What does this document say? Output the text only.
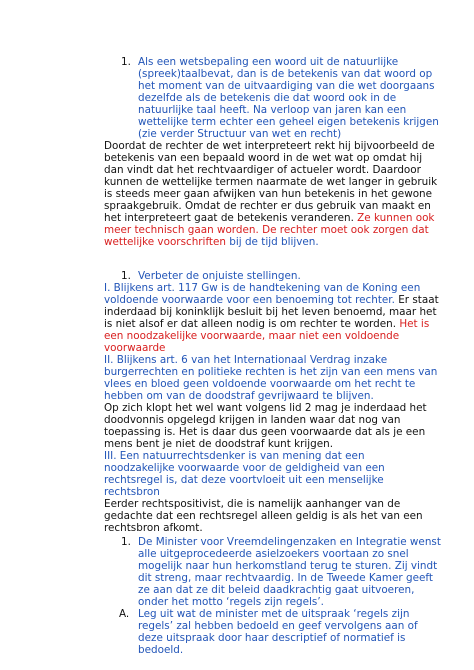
1. Als een wetsbepaling een woord uit de natuurlijke
(spreek)taalbevat, dan is de betekenis van dat woord op
het moment van de uitvaardiging van die wet doorgaans
dezelfde als de betekenis die dat woord ook in de
natuurlijke taal heeft. Na verloop van jaren kan een
wettelijke term echter een geheel eigen betekenis krijgen
(zie verder Structuur van wet en recht)
Doordat de rechter de wet interpreteert rekt hij bijvoorbeeld de
betekenis van een bepaald woord in de wet wat op omdat hij
dan vindt dat het rechtvaardiger of actueler wordt. Daardoor
kunnen de wettelijke termen naarmate de wet langer in gebruik
is steeds meer gaan afwijken van hun betekenis in het gewone
spraakgebruik. Omdat de rechter er dus gebruik van maakt en
het interpreteert gaat de betekenis veranderen. Ze kunnen ook
meer technisch gaan worden. De rechter moet ook zorgen dat
wettelijke voorschriften bij de tijd blijven.
1. Verbeter de onjuiste stellingen.
I. Blijkens art. 117 Gw is de handtekening van de Koning een
voldoende voorwaarde voor een benoeming tot rechter. Er staat
inderdaad bij koninklijk besluit bij het leven benoemd, maar het
is niet alsof er dat alleen nodig is om rechter te worden. Het is
een noodzakelijke voorwaarde, maar niet een voldoende
voorwaarde
II. Blijkens art. 6 van het Internationaal Verdrag inzake
burgerrechten en politieke rechten is het zijn van een mens van
vlees en bloed geen voldoende voorwaarde om het recht te
hebben om van de doodstraf gevrijwaard te blijven.
Op zich klopt het wel want volgens lid 2 mag je inderdaad het
doodvonnis opgelegd krijgen in landen waar dat nog van
toepassing is. Het is daar dus geen voorwaarde dat als je een
mens bent je niet de doodstraf kunt krijgen.
III. Een natuurrechtsdenker is van mening dat een
noodzakelijke voorwaarde voor de geldigheid van een
rechtsregel is, dat deze voortvloeit uit een menselijke
rechtsbron
Eerder rechtspositivist, die is namelijk aanhanger van de
gedachte dat een rechtsregel alleen geldig is als het van een
rechtsbron afkomt.
1. De Minister voor Vreemdelingenzaken en Integratie wenst
alle uitgeprocedeerde asielzoekers voortaan zo snel
mogelijk naar hun herkomstland terug te sturen. Zij vindt
dit streng, maar rechtvaardig. In de Tweede Kamer geeft
ze aan dat ze dit beleid daadkrachtig gaat uitvoeren,
onder het motto ‘regels zijn regels’.
A. Leg uit wat de minister met de uitspraak ‘regels zijn
regels’ zal hebben bedoeld en geef vervolgens aan of
deze uitspraak door haar descriptief of normatief is
bedoeld.
